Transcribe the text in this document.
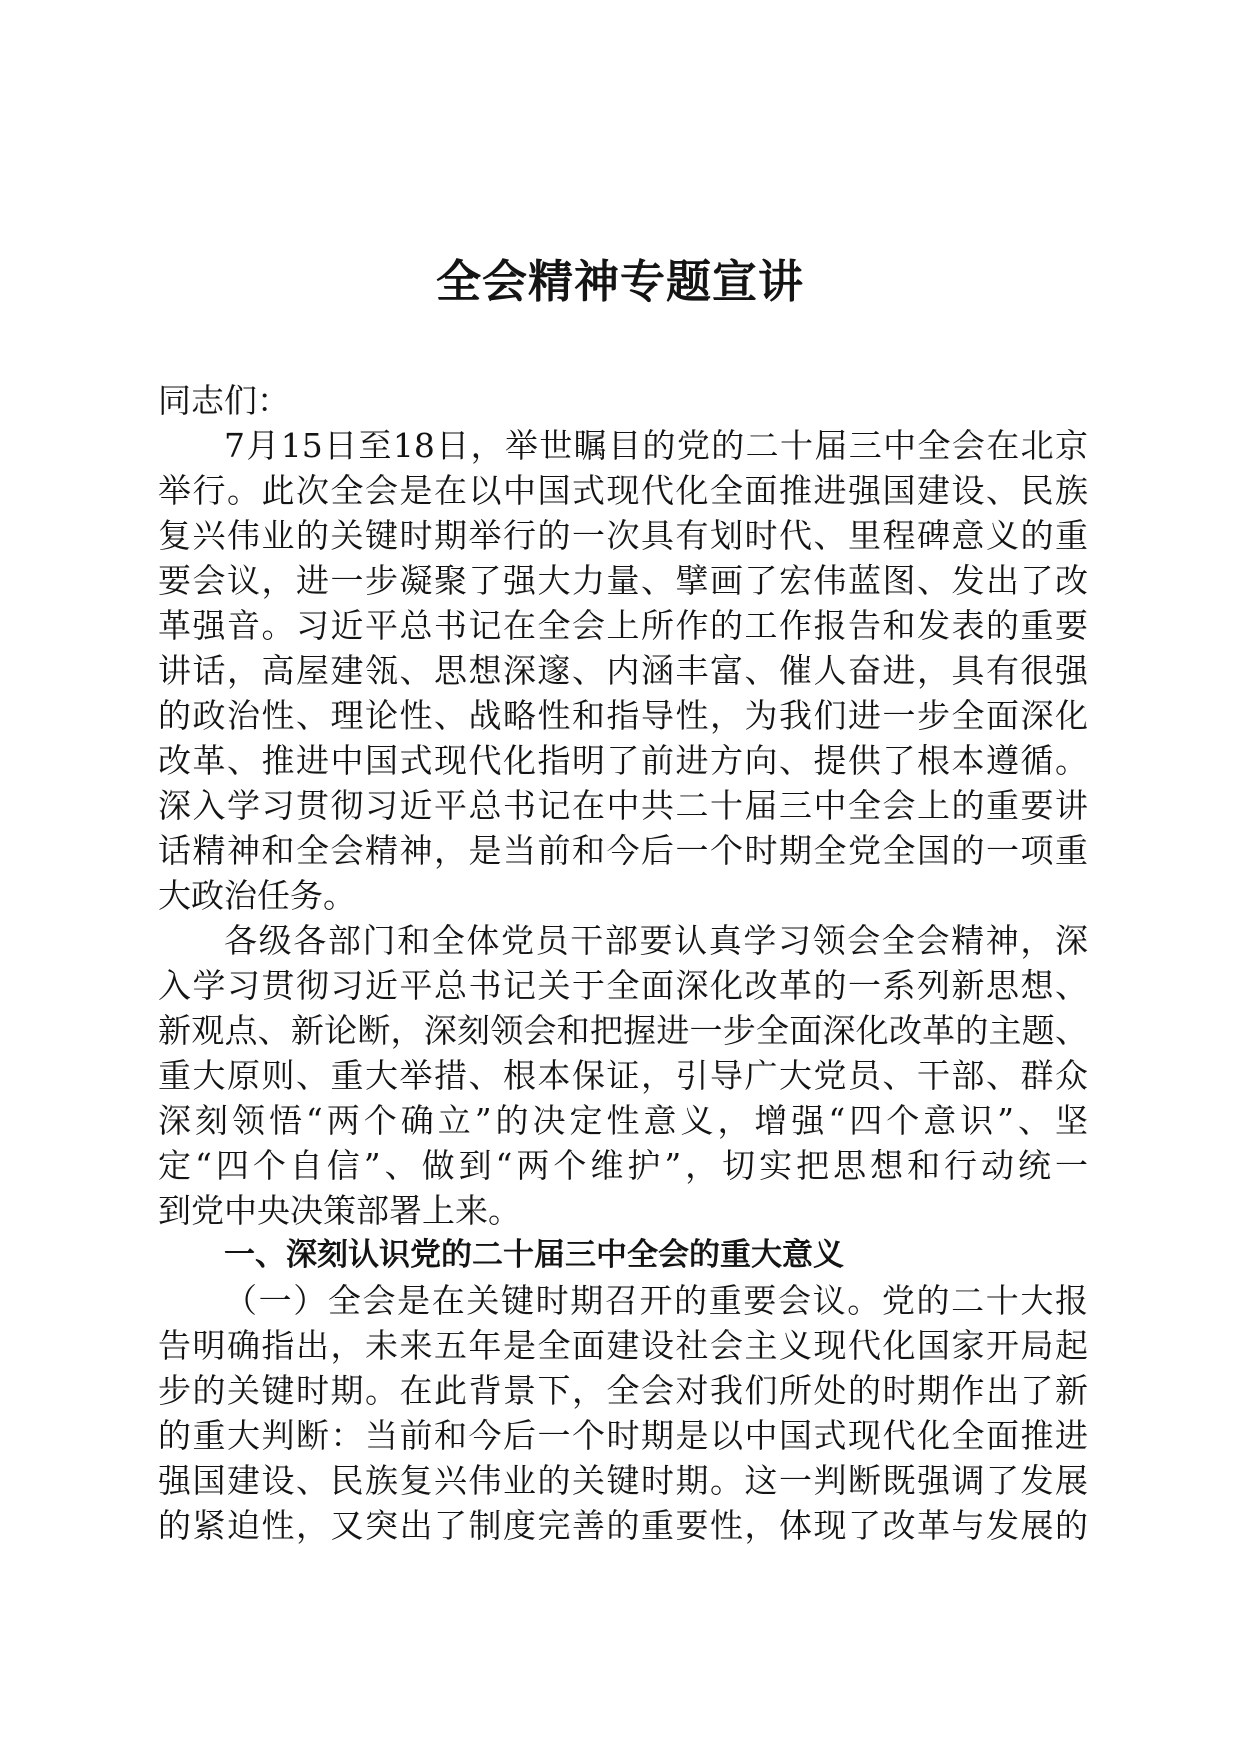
全会精神专题宣讲
同志们：
7月15日至18日，举世瞩目的党的二十届三中全会在北京
举行。此次全会是在以中国式现代化全面推进强国建设、民族
复兴伟业的关键时期举行的一次具有划时代、里程碑意义的重
要会议，进一步凝聚了强大力量、擘画了宏伟蓝图、发出了改
革强音。习近平总书记在全会上所作的工作报告和发表的重要
讲话，高屋建瓴、思想深邃、内涵丰富、催人奋进，具有很强
的政治性、理论性、战略性和指导性，为我们进一步全面深化
改革、推进中国式现代化指明了前进方向、提供了根本遵循。
深入学习贯彻习近平总书记在中共二十届三中全会上的重要讲
话精神和全会精神，是当前和今后一个时期全党全国的一项重
大政治任务。
各级各部门和全体党员干部要认真学习领会全会精神，深
入学习贯彻习近平总书记关于全面深化改革的一系列新思想、
新观点、新论断，深刻领会和把握进一步全面深化改革的主题、
重大原则、重大举措、根本保证，引导广大党员、干部、群众
深刻领悟“两个确立”的决定性意义，增强“四个意识”、坚
定“四个自信”、做到“两个维护”，切实把思想和行动统一
到党中央决策部署上来。
一、深刻认识党的二十届三中全会的重大意义
（一）全会是在关键时期召开的重要会议。党的二十大报
告明确指出，未来五年是全面建设社会主义现代化国家开局起
步的关键时期。在此背景下，全会对我们所处的时期作出了新
的重大判断：当前和今后一个时期是以中国式现代化全面推进
强国建设、民族复兴伟业的关键时期。这一判断既强调了发展
的紧迫性，又突出了制度完善的重要性，体现了改革与发展的
